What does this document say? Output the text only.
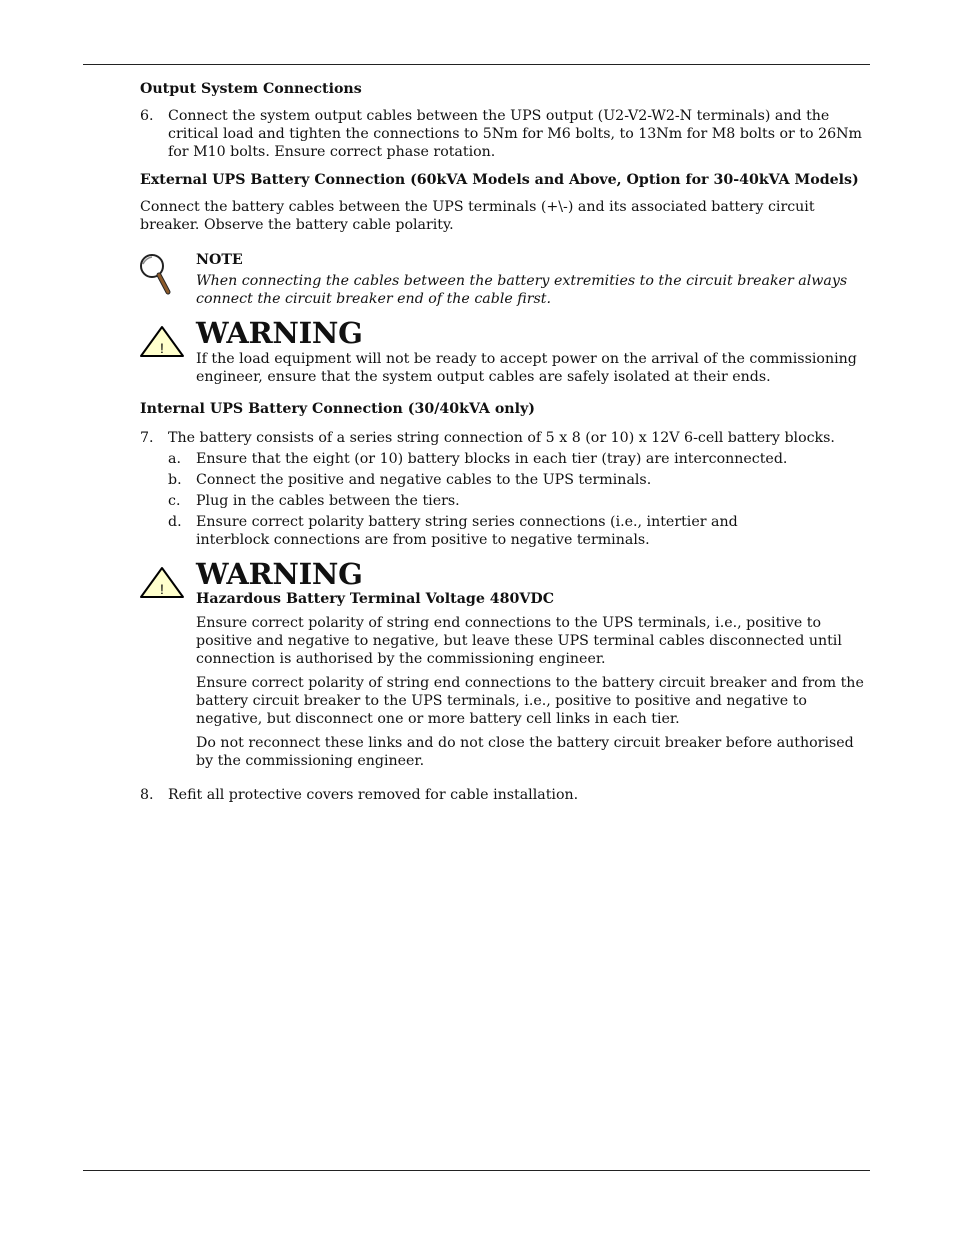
Output System Connections
6. Connect the system output cables between the UPS output (U2-V2-W2-N terminals) and the critical load and tighten the connections to 5Nm for M6 bolts, to 13Nm for M8 bolts or to 26Nm for M10 bolts. Ensure correct phase rotation.
External UPS Battery Connection (60kVA Models and Above, Option for 30-40kVA Models)
Connect the battery cables between the UPS terminals (+\-) and its associated battery circuit breaker. Observe the battery cable polarity.
NOTE
When connecting the cables between the battery extremities to the circuit breaker always connect the circuit breaker end of the cable first.
! WARNING
If the load equipment will not be ready to accept power on the arrival of the commissioning engineer, ensure that the system output cables are safely isolated at their ends.
Internal UPS Battery Connection (30/40kVA only)
7. The battery consists of a series string connection of 5 x 8 (or 10) x 12V 6-cell battery blocks.
a. Ensure that the eight (or 10) battery blocks in each tier (tray) are interconnected.
b. Connect the positive and negative cables to the UPS terminals.
c. Plug in the cables between the tiers.
d. Ensure correct polarity battery string series connections (i.e., intertier and interblock connections are from positive to negative terminals.
! WARNING
Hazardous Battery Terminal Voltage 480VDC
Ensure correct polarity of string end connections to the UPS terminals, i.e., positive to positive and negative to negative, but leave these UPS terminal cables disconnected until connection is authorised by the commissioning engineer.
Ensure correct polarity of string end connections to the battery circuit breaker and from the battery circuit breaker to the UPS terminals, i.e., positive to positive and negative to negative, but disconnect one or more battery cell links in each tier.
Do not reconnect these links and do not close the battery circuit breaker before authorised by the commissioning engineer.
8. Refit all protective covers removed for cable installation.
